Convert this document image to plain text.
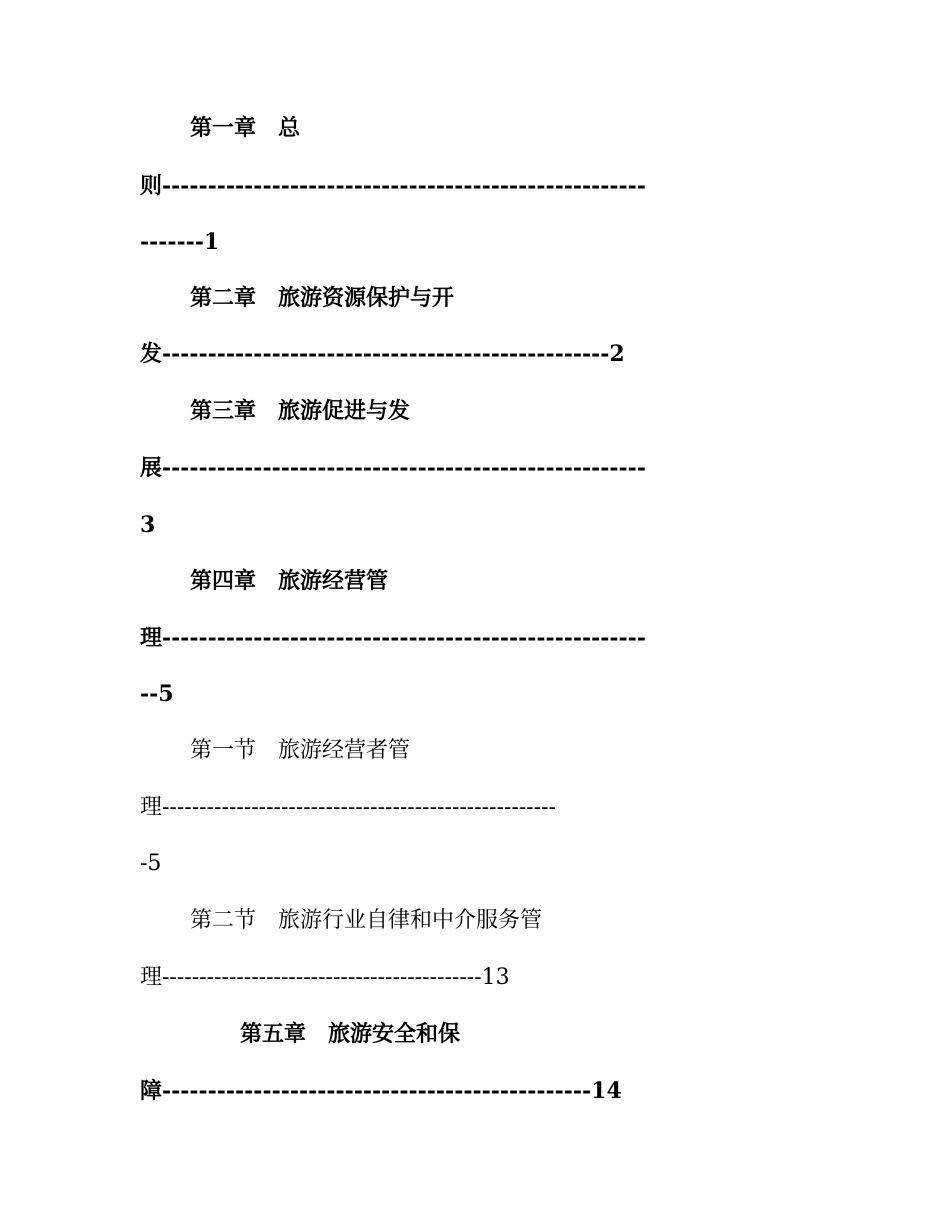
第一章　总
则-----------------------------------------------------
-------1
第二章　旅游资源保护与开
发-------------------------------------------------2
第三章　旅游促进与发
展-----------------------------------------------------
3
第四章　旅游经营管
理-----------------------------------------------------
--5
第一节　旅游经营者管
理-----------------------------------------------------
-5
第二节　旅游行业自律和中介服务管
理-------------------------------------------13
第五章　旅游安全和保
障-----------------------------------------------14
